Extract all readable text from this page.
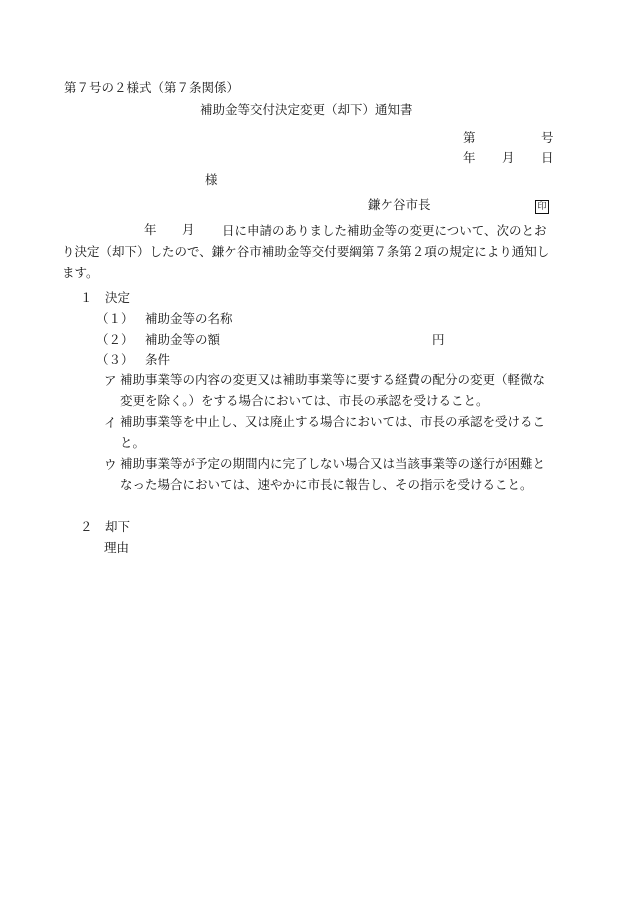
第７号の２様式（第７条関係）
補助金等交付決定変更（却下）通知書
第	号
年 月 日
様
鎌ケ谷市長	印
年 月	日に申請のありました補助金等の変更について、次のとおり決定（却下）したので、鎌ケ谷市補助金等交付要綱第７条第２項の規定により通知します。
１　決定
（１） 補助金等の名称
（２） 補助金等の額	円
（３） 条件
ア 補助事業等の内容の変更又は補助事業等に要する経費の配分の変更（軽微な変更を除く。）をする場合においては、市長の承認を受けること。
イ 補助事業等を中止し、又は廃止する場合においては、市長の承認を受けること。
ウ 補助事業等が予定の期間内に完了しない場合又は当該事業等の遂行が困難となった場合においては、速やかに市長に報告し、その指示を受けること。
２　却下
理由
